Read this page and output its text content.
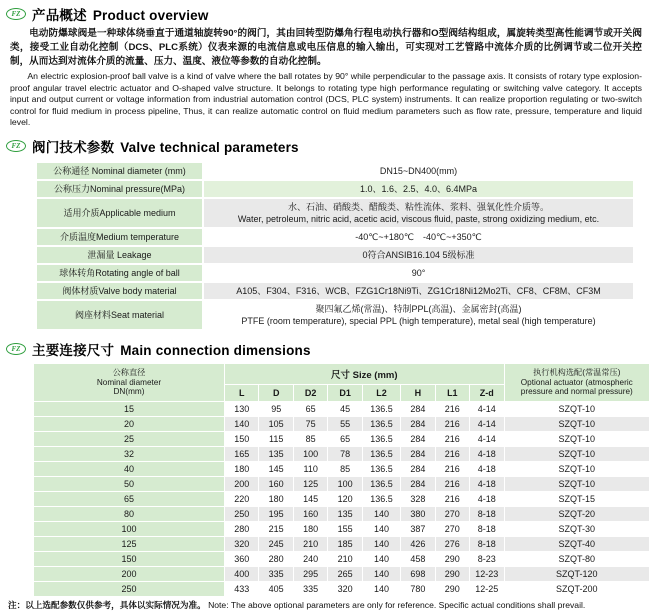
FZ 产品概述 Product overview

电动防爆球阀是一种球体绕垂直于通道轴旋转90°的阀门，其由回转型防爆角行程电动执行器和O型阀结构组成，属旋转类型高性能调节或开关阀类，接受工业自动化控制（DCS、PLC系统）仪表来源的电流信息或电压信息的输入输出，可实现对工艺管路中流体介质的比例调节或二位开关控制，从而达到对流体介质的流量、压力、温度、液位等参数的自动化控制。

An electric explosion-proof ball valve is a kind of valve where the ball rotates by 90° while perpendicular to the passage axis. It consists of rotary type explosion-proof angular travel electric actuator and O-shaped valve structure. It belongs to rotating type high performance regulating or switching valve category. It accepts input and output current or voltage information from industrial automation control (DCS, PLC system) instruments. It can realize proportion regulating or two-switch control for fluid medium in process pipeline, Thus, it can realize automatic control on fluid medium parameters such as flow rate, pressure, temperature and liquid level.

FZ 阀门技术参数 Valve technical parameters
公称通径 Nominal diameter (mm)	DN15~DN400(mm)

公称压力Nominal pressure(MPa)	1.0、1.6、2.5、4.0、6.4MPa

适用介质Applicable medium	水、石油、硝酸类、醋酸类、粘性流体、浆料、强氧化性介质等。
Water, petroleum, nitric acid, acetic acid, viscous fluid, paste, strong oxidizing medium, etc.

介质温度Medium temperature	-40℃~+180℃　-40℃~+350℃

泄漏量 Leakage	0符合ANSIB16.104 5级标准

球体转角Rotating angle of ball	90°

阀体材质Valve body material	A105、F304、F316、WCB、FZG1Cr18Ni9Ti、ZG1Cr18Ni12Mo2Ti、CF8、CF8M、CF3M

阀座材料Seat material	聚四氟乙烯(常温)、特制PPL(高温)、金属密封(高温)
PTFE (room temperature), special PPL (high temperature), metal seal (high temperature)
FZ 主要连接尺寸 Main connection dimensions
公称直径
Nominal diameter
DN(mm)
	尺寸 Size (mm)	执行机构选配(常温常压)
Optional actuator (atmospheric
pressure and normal pressure)

	L	D	D2	D1	L2	H	L1	Z-d	
15	130	95	65	45	136.5	284	216	4-14	SZQT-10
20	140	105	75	55	136.5	284	216	4-14	SZQT-10
25	150	115	85	65	136.5	284	216	4-14	SZQT-10
32	165	135	100	78	136.5	284	216	4-18	SZQT-10
40	180	145	110	85	136.5	284	216	4-18	SZQT-10
50	200	160	125	100	136.5	284	216	4-18	SZQT-10
65	220	180	145	120	136.5	328	216	4-18	SZQT-15
80	250	195	160	135	140	380	270	8-18	SZQT-20
100	280	215	180	155	140	387	270	8-18	SZQT-30
125	320	245	210	185	140	426	276	8-18	SZQT-40
150	360	280	240	210	140	458	290	8-23	SZQT-80
200	400	335	295	265	140	698	290	12-23	SZQT-120
250	433	405	335	320	140	780	290	12-25	SZQT-200

注：以上选配参数仅供参考，具体以实际情况为准。 Note: The above optional parameters are only for reference. Specific actual conditions shall prevail.
